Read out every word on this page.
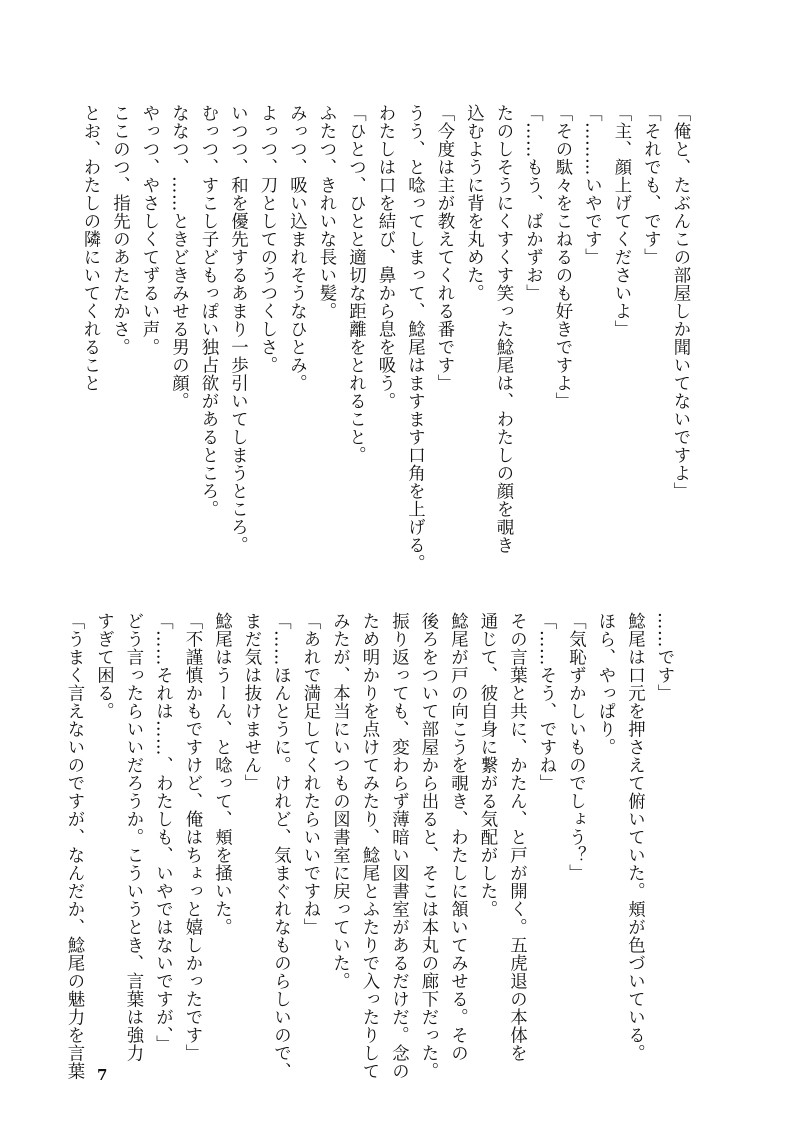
「俺と、たぶんこの部屋しか聞いてないですよ」
「それでも、です」
「主、顔上げてくださいよ」
「………いやです」
「その駄々をこねるのも好きですよ」
「……もう、ばかずお」
たのしそうにくすくす笑った鯰尾は、わたしの顔を覗き
込むように背を丸めた。
「今度は主が教えてくれる番です」
うう、と唸ってしまって、鯰尾はますます口角を上げる。
わたしは口を結び、鼻から息を吸う。
「ひとつ、ひとと適切な距離をとれること。
ふたつ、きれいな長い髪。
みっつ、吸い込まれそうなひとみ。
よっつ、刀としてのうつくしさ。
いつつ、和を優先するあまり一歩引いてしまうところ。
むっつ、すこし子どもっぽい独占欲があるところ。
ななつ、……ときどきみせる男の顔。
やっつ、やさしくてずるい声。
ここのつ、指先のあたたかさ。
とお、わたしの隣にいてくれること
……です」
鯰尾は口元を押さえて俯いていた。頬が色づいている。
ほら、やっぱり。
「気恥ずかしいものでしょう？」
「……そう、ですね」
その言葉と共に、かたん、と戸が開く。五虎退の本体を
通じて、彼自身に繋がる気配がした。
鯰尾が戸の向こうを覗き、わたしに頷いてみせる。その
後ろをついて部屋から出ると、そこは本丸の廊下だった。
振り返っても、変わらず薄暗い図書室があるだけだ。念の
ため明かりを点けてみたり、鯰尾とふたりで入ったりして
みたが、本当にいつもの図書室に戻っていた。
「あれで満足してくれたらいいですね」
「……ほんとうに。けれど、気まぐれなものらしいので、
まだ気は抜けません」
鯰尾はうーん、と唸って、頬を掻いた。
「不謹慎かもですけど、俺はちょっと嬉しかったです」
「……それは……、わたしも、いやではないですが、」
どう言ったらいいだろうか。こういうとき、言葉は強力
すぎて困る。
「うまく言えないのですが、なんだか、鯰尾の魅力を言葉 7
